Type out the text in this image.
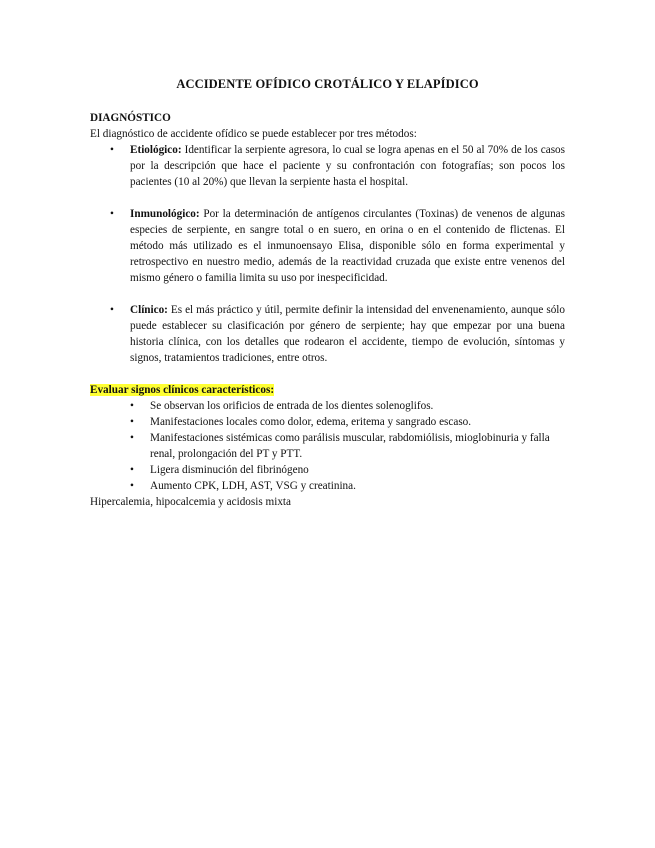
ACCIDENTE OFÍDICO CROTÁLICO Y ELAPÍDICO

DIAGNÓSTICO

El diagnóstico de accidente ofídico se puede establecer por tres métodos:

• Etiológico: Identificar la serpiente agresora, lo cual se logra apenas en el 50 al 70% de los casos por la descripción que hace el paciente y su confrontación con fotografías; son pocos los pacientes (10 al 20%) que llevan la serpiente hasta el hospital.
• Inmunológico: Por la determinación de antígenos circulantes (Toxinas) de venenos de algunas especies de serpiente, en sangre total o en suero, en orina o en el contenido de flictenas. El método más utilizado es el inmunoensayo Elisa, disponible sólo en forma experimental y retrospectivo en nuestro medio, además de la reactividad cruzada que existe entre venenos del mismo género o familia limita su uso por inespecificidad.
• Clínico: Es el más práctico y útil, permite definir la intensidad del envenenamiento, aunque sólo puede establecer su clasificación por género de serpiente; hay que empezar por una buena historia clínica, con los detalles que rodearon el accidente, tiempo de evolución, síntomas y signos, tratamientos tradiciones, entre otros.

Evaluar signos clínicos característicos:

• Se observan los orificios de entrada de los dientes solenoglifos.
• Manifestaciones locales como dolor, edema, eritema y sangrado escaso.
• Manifestaciones sistémicas como parálisis muscular, rabdomiólisis, mioglobinuria y falla renal, prolongación del PT y PTT.
• Ligera disminución del fibrinógeno
• Aumento CPK, LDH, AST, VSG y creatinina.

Hipercalemia, hipocalcemia y acidosis mixta
